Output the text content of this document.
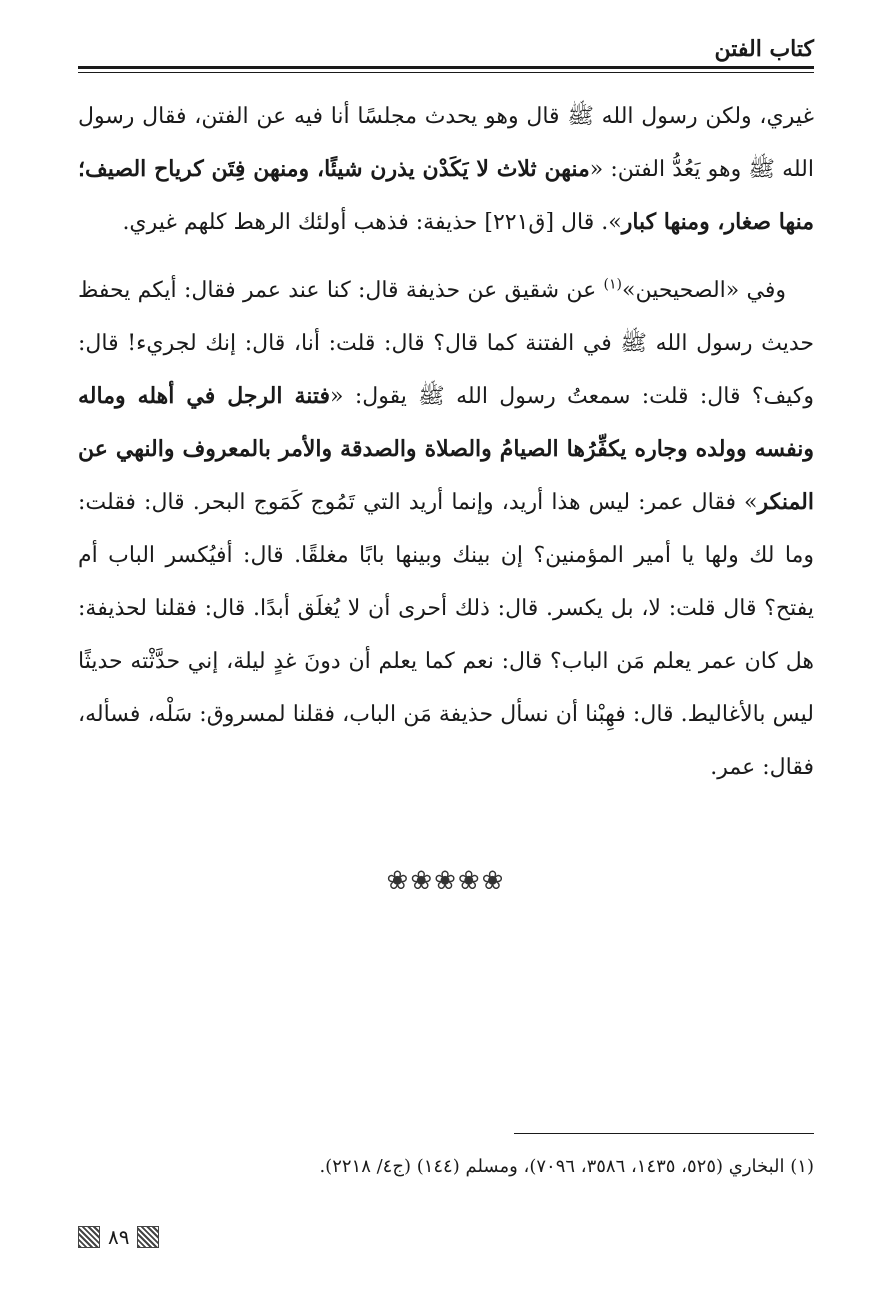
كتاب الفتن

غيري، ولكن رسول الله ﷺ قال وهو يحدث مجلسًا أنا فيه عن الفتن، فقال رسول الله ﷺ وهو يَعُدُّ الفتن: «منهن ثلاث لا يَكَدْن يذرن شيئًا، ومنهن فِتَن كرياح الصيف؛ منها صغار، ومنها كبار». قال [ق٢٢١] حذيفة: فذهب أولئك الرهط كلهم غيري.

وفي «الصحيحين»$^{(١)}$ عن شقيق عن حذيفة قال: كنا عند عمر فقال: أيكم يحفظ حديث رسول الله ﷺ في الفتنة كما قال؟ قال: قلت: أنا، قال: إنك لجريء! قال: وكيف؟ قال: قلت: سمعتُ رسول الله ﷺ يقول: «فتنة الرجل في أهله وماله ونفسه وولده وجاره يكفِّرُها الصيامُ والصلاة والصدقة والأمر بالمعروف والنهي عن المنكر» فقال عمر: ليس هذا أريد، وإنما أريد التي تَمُوج كَمَوج البحر. قال: فقلت: وما لك ولها يا أمير المؤمنين؟ إن بينك وبينها بابًا مغلقًا. قال: أفيُكسر الباب أم يفتح؟ قال قلت: لا، بل يكسر. قال: ذلك أحرى أن لا يُغلَق أبدًا. قال: فقلنا لحذيفة: هل كان عمر يعلم مَن الباب؟ قال: نعم كما يعلم أن دونَ غدٍ ليلة، إني حدَّثْته حديثًا ليس بالأغاليط. قال: فهِبْنا أن نسأل حذيفة مَن الباب، فقلنا لمسروق: سَلْه، فسأله، فقال: عمر.

❀❀❀❀❀
(١) البخاري (٥٢٥، ١٤٣٥، ٣٥٨٦، ٧٠٩٦)، ومسلم (١٤٤) (ج٤/ ٢٢١٨).
٨٩
